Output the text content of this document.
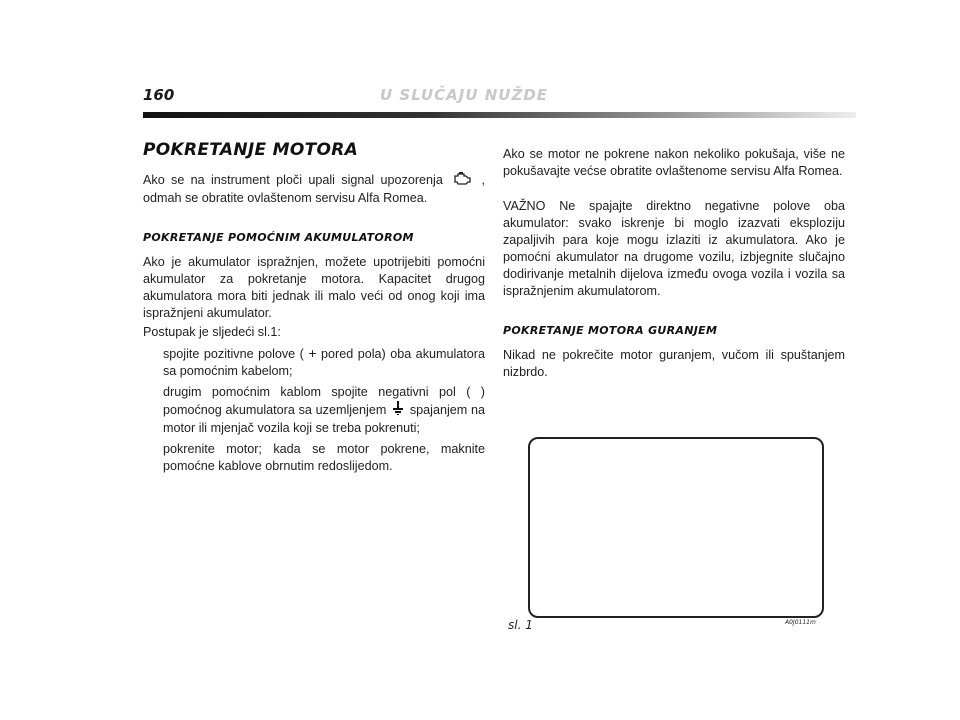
160	U SLUČAJU NUŽDE
POKRETANJE MOTORA

Ako se na instrument ploči upali signal upozorenja	, odmah se obratite ovlaštenom servisu Alfa Romea.

POKRETANJE POMOĆNIM AKUMULATOROM

Ako je akumulator ispražnjen, možete upotrijebiti pomoćni akumulator za pokretanje motora. Kapacitet drugog akumulatora mora biti jednak ili malo veći od onog koji ima ispražnjeni akumulator.

Postupak je sljedeći sl.1:

spojite pozitivne polove ( + pored pola) oba akumulatora sa pomoćnim kabelom;

drugim pomoćnim kablom spojite negativni pol ( ) pomoćnog akumulatora sa uzemljenjem spajanjem na motor ili mjenjač vozila koji se treba pokrenuti;

pokrenite motor; kada se motor pokrene, maknite pomoćne kablove obrnutim redoslijedom.

Ako se motor ne pokrene nakon nekoliko pokušaja, više ne pokušavajte većse obratite ovlaštenome servisu Alfa Romea.

VAŽNO Ne spajajte direktno negativne polove oba akumulator: svako iskrenje bi moglo izazvati eksploziju zapaljivih para koje mogu izlaziti iz akumulatora. Ako je pomoćni akumulator na drugome vozilu, izbjegnite slučajno dodirivanje metalnih dijelova između ovoga vozila i vozila sa ispražnjenim akumulatorom.

POKRETANJE MOTORA GURANJEM

Nikad ne pokrečite motor guranjem, vučom ili spuštanjem nizbrdo.

sl. 1	A0J0111m
